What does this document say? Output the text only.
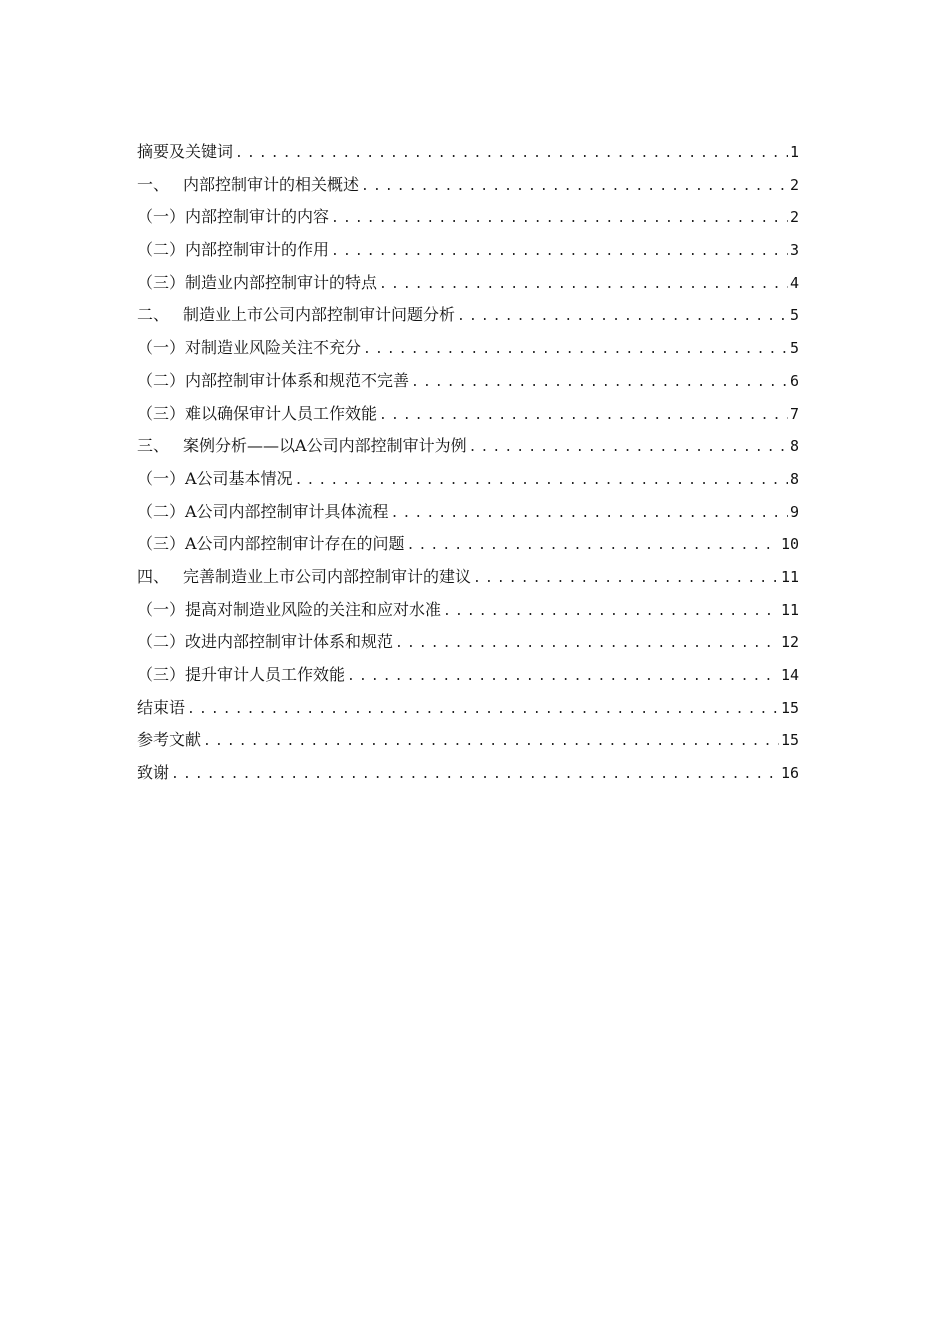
摘要及关键词 .....	1
一、 内部控制审计的相关概述 .....	2
（一）内部控制审计的内容 .....	2
（二）内部控制审计的作用 .....	3
（三）制造业内部控制审计的特点 .....	4
二、 制造业上市公司内部控制审计问题分析 .....	5
（一）对制造业风险关注不充分 .....	5
（二）内部控制审计体系和规范不完善 .....	6
（三）难以确保审计人员工作效能 .....	7
三、 案例分析——以A公司内部控制审计为例 .....	8
（一）A公司基本情况 .....	8
（二）A公司内部控制审计具体流程 .....	9
（三）A公司内部控制审计存在的问题 .....	10
四、 完善制造业上市公司内部控制审计的建议 .....	11
（一）提高对制造业风险的关注和应对水准 .....	11
（二）改进内部控制审计体系和规范 .....	12
（三）提升审计人员工作效能 .....	14
结束语 .....	15
参考文献 .....	15
致谢 .....	16
